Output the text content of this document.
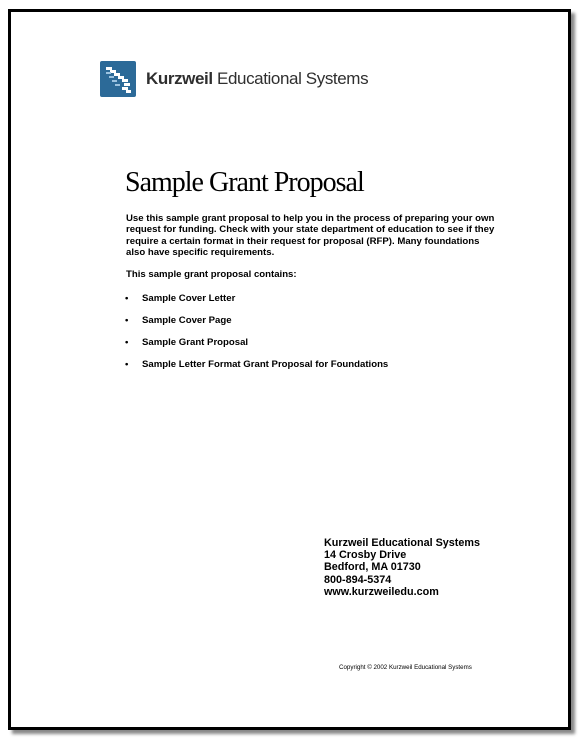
Kurzweil Educational Systems
Sample Grant Proposal

Use this sample grant proposal to help you in the process of preparing your own request for funding. Check with your state department of education to see if they require a certain format in their request for proposal (RFP). Many foundations also have specific requirements.

This sample grant proposal contains:

• Sample Cover Letter
• Sample Cover Page
• Sample Grant Proposal
• Sample Letter Format Grant Proposal for Foundations
Kurzweil Educational Systems
14 Crosby Drive
Bedford, MA 01730
800-894-5374
www.kurzweiledu.com
Copyright © 2002 Kurzweil Educational Systems
